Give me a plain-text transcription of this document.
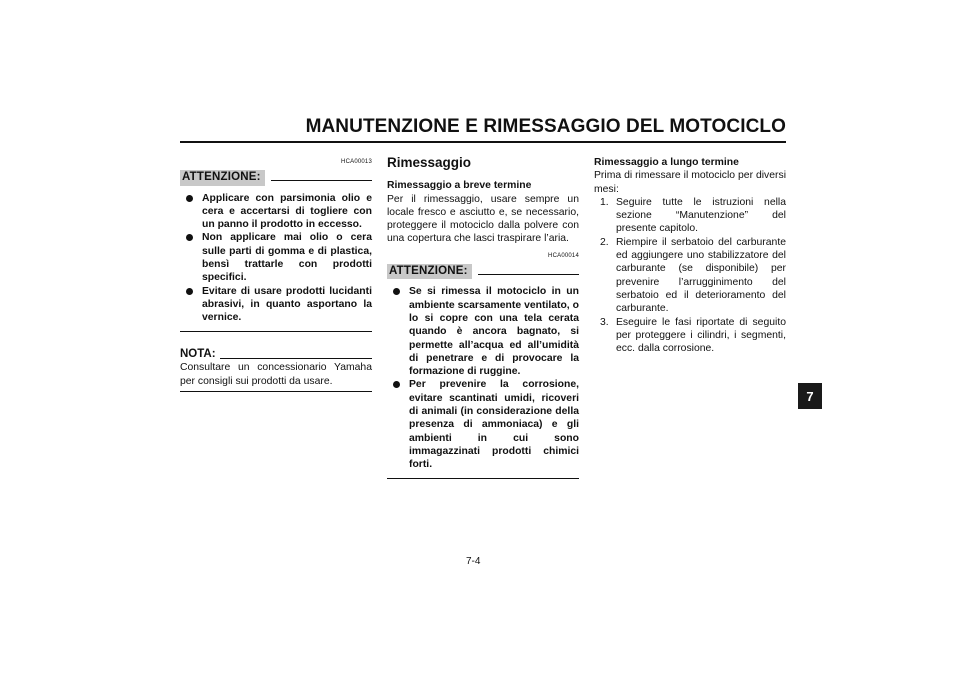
MANUTENZIONE E RIMESSAGGIO DEL MOTOCICLO
HCA00013
ATTENZIONE:
Applicare con parsimonia olio e cera e accertarsi di togliere con un panno il prodotto in eccesso.
Non applicare mai olio o cera sulle parti di gomma e di plastica, bensì trattarle con prodotti specifici.
Evitare di usare prodotti lucidanti abrasivi, in quanto asportano la vernice.
NOTA:

Consultare un concessionario Yamaha per consigli sui prodotti da usare.

Rimessaggio

Rimessaggio a breve termine

Per il rimessaggio, usare sempre un locale fresco e asciutto e, se necessario, proteggere il motociclo dalla polvere con una copertura che lasci traspirare l’aria.

HCA00014
ATTENZIONE:
Se si rimessa il motociclo in un ambiente scarsamente ventilato, o lo si copre con una tela cerata quando è ancora bagnato, si permette all’acqua ed all’umidità di penetrare e di provocare la formazione di ruggine.
Per prevenire la corrosione, evitare scantinati umidi, ricoveri di animali (in considerazione della presenza di ammoniaca) e gli ambienti in cui sono immagazzinati prodotti chimici forti.

Rimessaggio a lungo termine

Prima di rimessare il motociclo per diversi mesi:

1. Seguire tutte le istruzioni nella sezione “Manutenzione” del presente capitolo.
2. Riempire il serbatoio del carburante ed aggiungere uno stabilizzatore del carburante (se disponibile) per prevenire l’arrugginimento del serbatoio ed il deterioramento del carburante.
3. Eseguire le fasi riportate di seguito per proteggere i cilindri, i segmenti, ecc. dalla corrosione.
7
7-4
